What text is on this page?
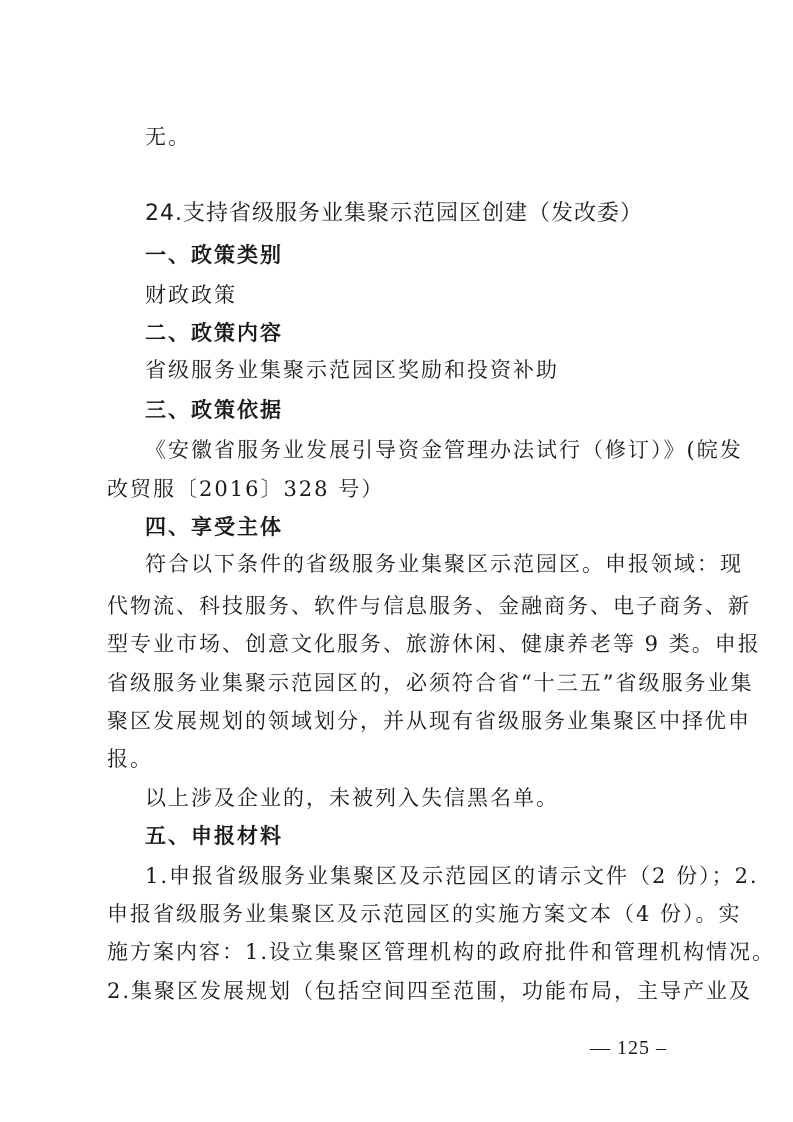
无。
24.支持省级服务业集聚示范园区创建（发改委）
一、政策类别
财政政策
二、政策内容
省级服务业集聚示范园区奖励和投资补助
三、政策依据
《安徽省服务业发展引导资金管理办法试行（修订）》(皖发
改贸服〔2016〕328 号）
四、享受主体
符合以下条件的省级服务业集聚区示范园区。申报领域：现
代物流、科技服务、软件与信息服务、金融商务、电子商务、新
型专业市场、创意文化服务、旅游休闲、健康养老等 9 类。申报
省级服务业集聚示范园区的，必须符合省“十三五”省级服务业集
聚区发展规划的领域划分，并从现有省级服务业集聚区中择优申
报。
以上涉及企业的，未被列入失信黑名单。
五、申报材料
1.申报省级服务业集聚区及示范园区的请示文件（2 份）；2.
申报省级服务业集聚区及示范园区的实施方案文本（4 份）。实
施方案内容：1.设立集聚区管理机构的政府批件和管理机构情况。
2.集聚区发展规划（包括空间四至范围，功能布局，主导产业及
— 125 –
